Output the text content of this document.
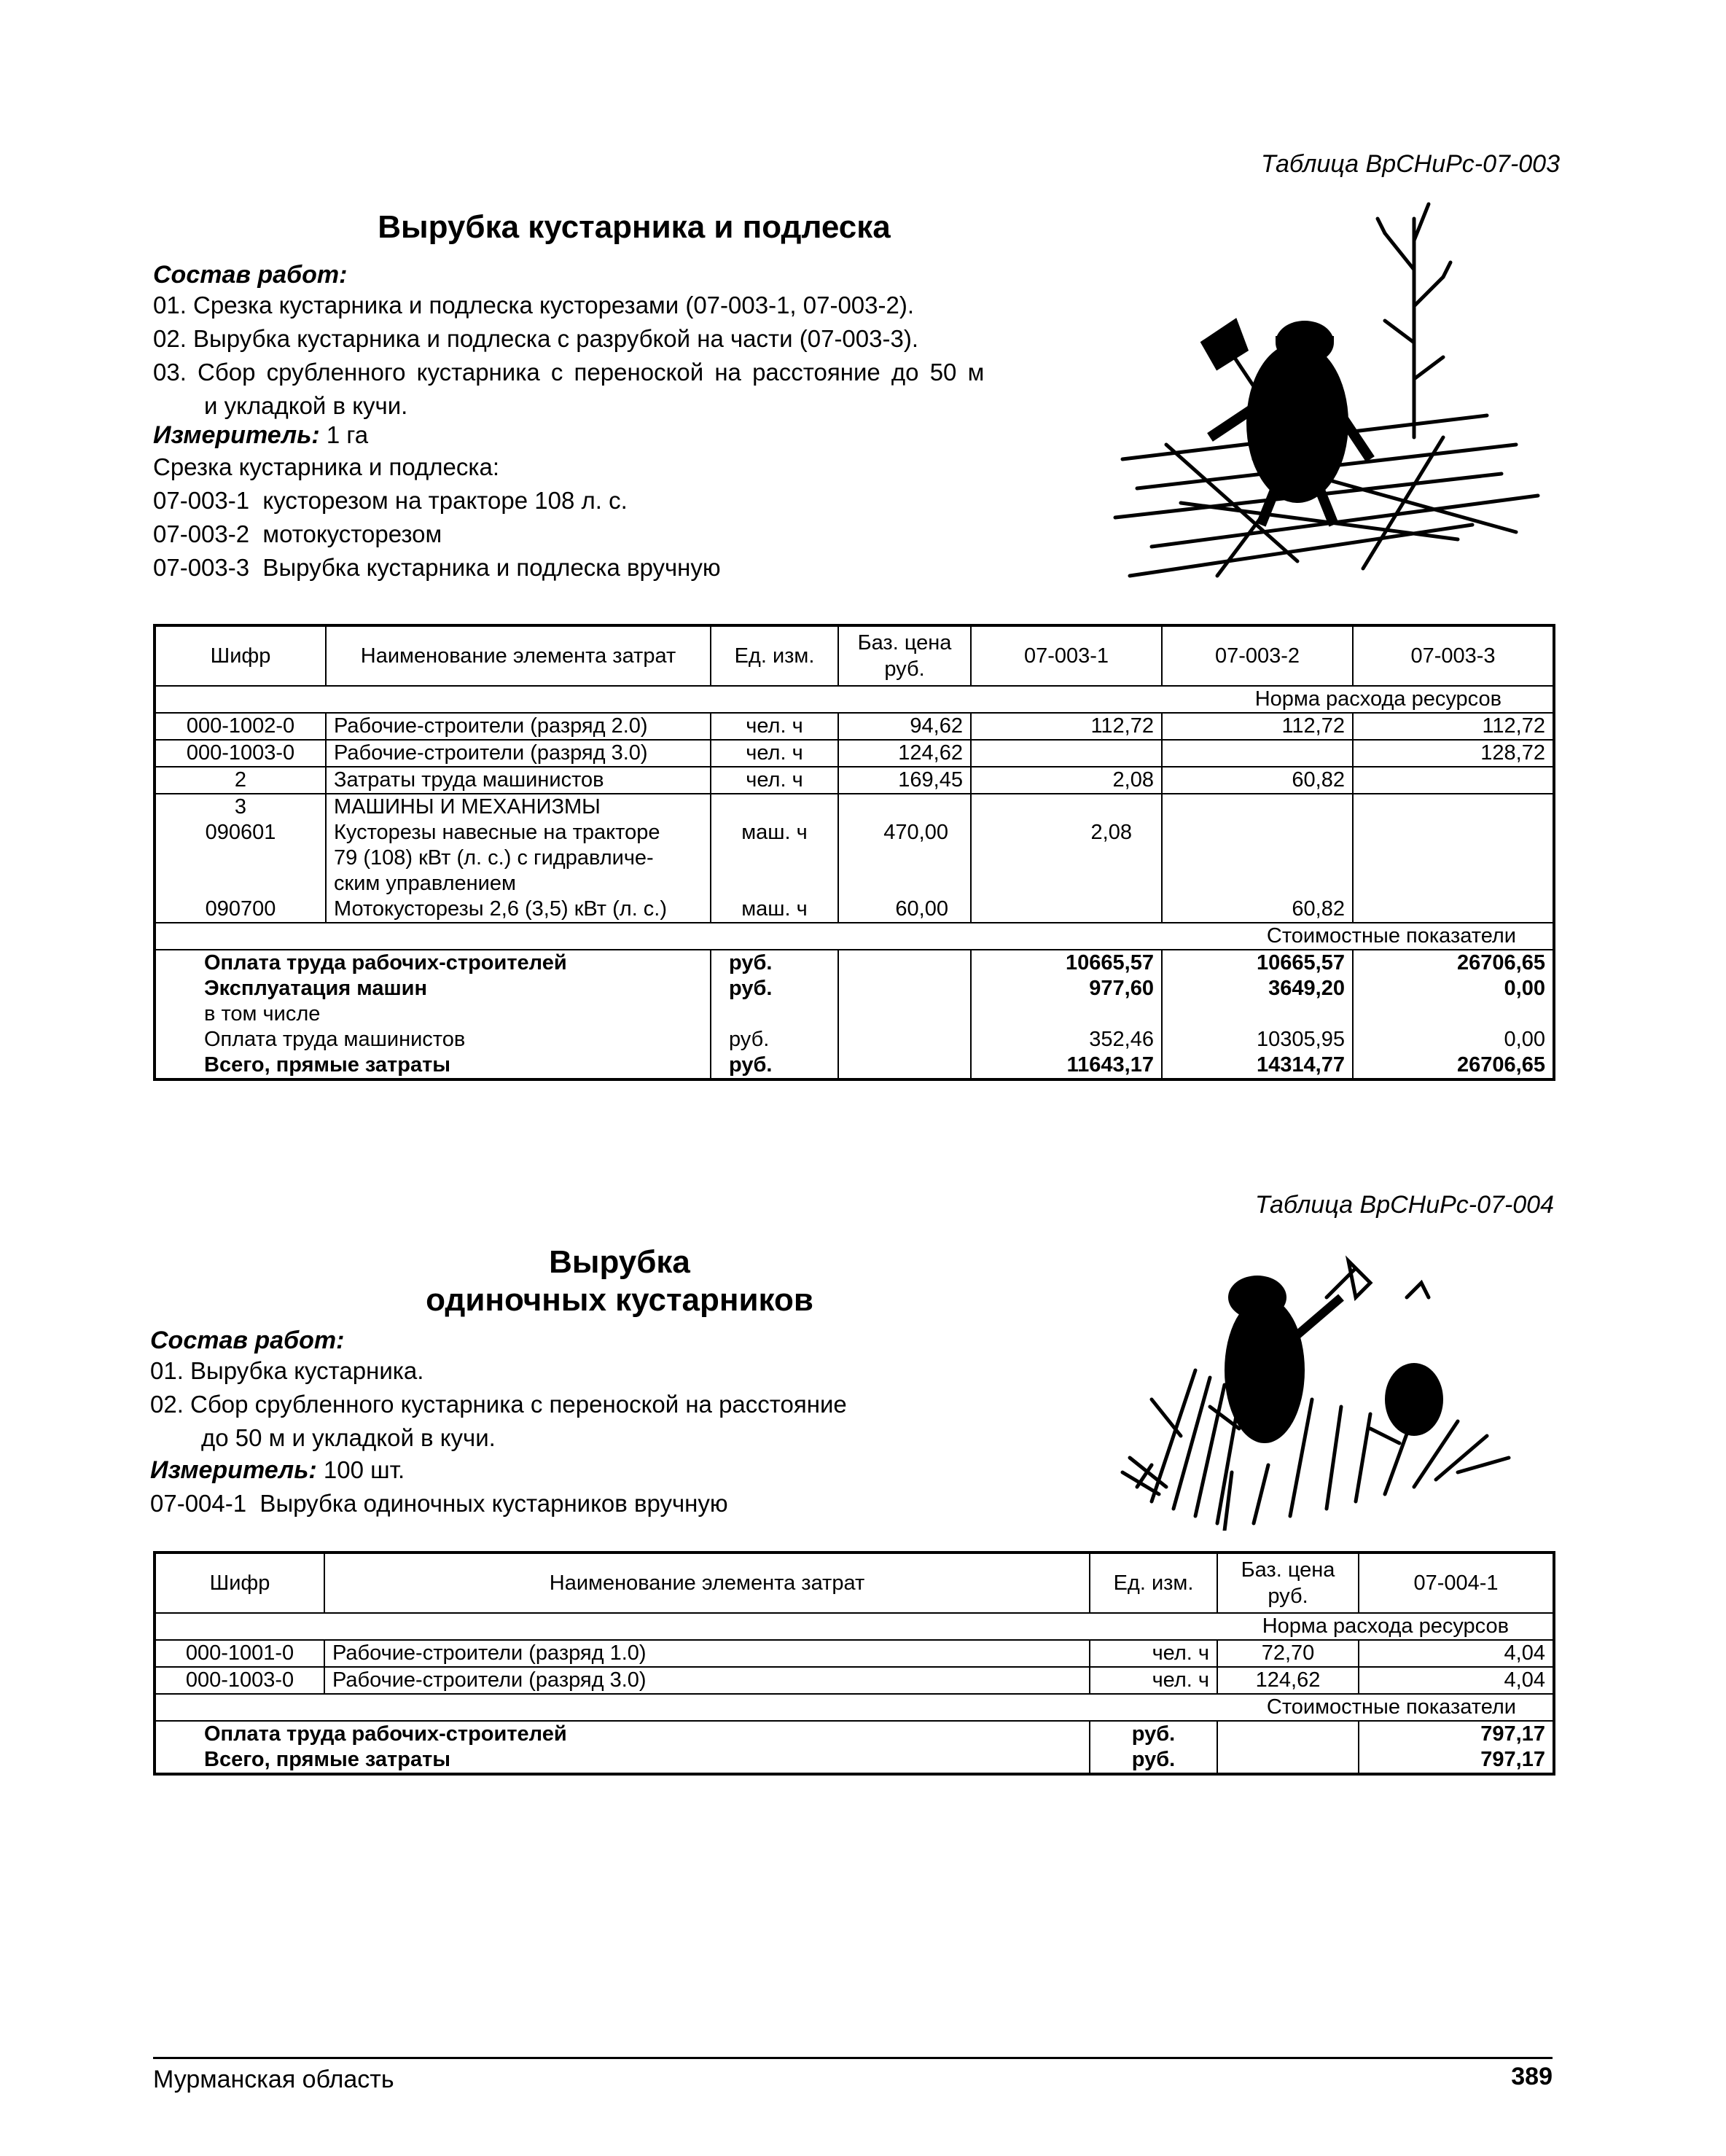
Таблица ВрСНиРс-07-003
Вырубка кустарника и подлеска
Состав работ:
01. Срезка кустарника и подлеска кусторезами (07-003-1, 07-003-2).
02. Вырубка кустарника и подлеска с разрубкой на части (07-003-3).
03. Сбор срубленного кустарника с переноской на расстояние до 50 м
и укладкой в кучи.
Измеритель: 1 га
Срезка кустарника и подлеска:
07-003-1  кусторезом на тракторе 108 л. с.
07-003-2  мотокусторезом
07-003-3  Вырубка кустарника и подлеска вручную
Шифр	Наименование элемента затрат	Ед. изм.	Баз. цена руб.	07-003-1	07-003-2	07-003-3
Норма расхода ресурсов						
000-1002-0	Рабочие-строители (разряд 2.0)	чел. ч	94,62	112,72	112,72	112,72
000-1003-0	Рабочие-строители (разряд 3.0)	чел. ч	124,62			128,72
2	Затраты труда машинистов	чел. ч	169,45	2,08	60,82	
3	МАШИНЫ И МЕХАНИЗМЫ					
090601	Кусторезы навесные на тракторе	маш. ч	470,00	2,08		
	79 (108) кВт (л. с.) с гидравличе-					
	ским управлением					
090700	Мотокусторезы 2,6 (3,5) кВт (л. с.)	маш. ч	60,00		60,82	
Стоимостные показатели						
Оплата труда рабочих-строителей		руб.		10665,57	10665,57	26706,65
Эксплуатация машин		руб.		977,60	3649,20	0,00
в том числе						
Оплата труда машинистов		руб.		352,46	10305,95	0,00
Всего, прямые затраты		руб.		11643,17	14314,77	26706,65
Таблица ВрСНиРс-07-004
Вырубка
одиночных кустарников
Состав работ:
01. Вырубка кустарника.
02. Сбор срубленного кустарника с переноской на расстояние
до 50 м и укладкой в кучи.
Измеритель: 100 шт.
07-004-1  Вырубка одиночных кустарников вручную
Шифр	Наименование элемента затрат	Ед. изм.	Баз. цена руб.	07-004-1
Норма расхода ресурсов				
000-1001-0	Рабочие-строители (разряд 1.0)	чел. ч	72,70	4,04
000-1003-0	Рабочие-строители (разряд 3.0)	чел. ч	124,62	4,04
Стоимостные показатели				
Оплата труда рабочих-строителей		руб.		797,17
Всего, прямые затраты		руб.		797,17
Мурманская область	389
